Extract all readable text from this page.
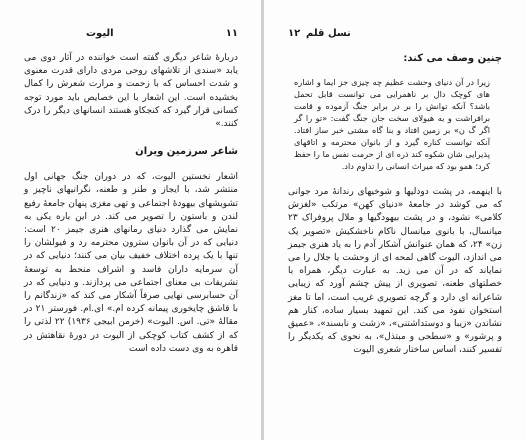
۱۱
الیوت

دربارهٔ شاعر دیگری گفته است خواننده در آثار دوی می یابد «سندی از تلاشهای روحی مردی دارای قدرت معنوی و شدت احساس که با زحمت و مرارت شعرش را کمال بخشیده است. این اشعار با این خصایص باید مورد توجه کسانی قرار گیرد که کنجکاو هستند انسانهای دیگر را درک کنند.»

شاعر سرزمین ویران

اشعار نخستین الیوت، که در دوران جنگ جهانی اول منتشر شد، با ایجاز و طنز و طعنه، نگرانیهای ناچیز و تشویشهای بیهودهٔ اجتماعی و تهی مغزی پنهان جامعهٔ رفیع لندن و باستون را تصویر می کند. در این باره یکی به نمایش می گذارد دنیای رمانهای هنری جیمز ۲۰ است: دنیایی که در آن بانوان سترون محترمه رد و فیولشان را تنها با یک پرده اختلاف خفیف بیان می کنند؛ دنیایی که در آن سرمایه داران فاسد و اشراف منحط به توسعهٔ تشریفات بی معنای اجتماعی می پردازند. و دنیایی که در آن حسابرسی نهایی صرفاً آشکار می کند که «زندگانم را با قاشق چایخوری پیمانه کرده ام.» ای.ام. فورستر ۲۱ در مقالهٔ «تی. اس. الیوت» (خرمن ابیجی ۱۹۳۶) ۲۲ لذتی را که از کشف کتاب کوچکی از الیوت در دورهٔ نقاهتش در قاهره به وی دست داده است

۱۲ نسل قلم

چنین وصف می کند:

زیرا در آن دنیای وحشت عظیم چه چیزی جز ایما و اشاره های کوچک دال بر ناهمرایی می توانست قابل تحمل باشد؟ آنکه توانش را بر در برابر جنگ آزموده و قامت برافراشت و به هیولای سخت جان جنگ گفت: «تو را گر اگر گ ن» بر زمین افتاد و بنا گاه مشتی خبر ساز افتاد. آنکه توانست کناره گیرد و از بانوان محترمه و اتاقهای پذیرایی شان شکوه کند ذره ای از حرمت نفس ما را حفظ کرد؛ همو بود که میراث انسانی را تداوم داد.

با اینهمه، در پشت دودلیها و شوخیهای رندانهٔ مرد جوانی که می کوشد در جامعهٔ «دنیای کهن» مرتکب «لغزش کلامی» نشود، و در پشت بیهودگیها و ملال پروفراک ۲۳ میانسال، با بانوی میانسال ناکام ناخشکیش «تصویر یک زن» ۲۴، که همان عنوانش آشکار آدم را به یاد هنری جیمز می اندازد، الیوت گاهی لمحه ای از وحشت یا جلال را می نمایاند که در آن می زید. به عبارت دیگر، همراه با خصلتهای طعنه، تصویری از پیش چشم آورد که زیبایی شاعرانه ای دارد و گرچه تصویری غریب است، اما تا مغز استخوان نفوذ می کند. این تمهید بسیار ساده، کنار هم نشاندن «زیبا و دوستداشتنی»، «زشت و نابسند»، «عمیق و پرشور» و «سطحی و مبتذل»، به نحوی که یکدیگر را تفسیر کنند، اساس ساختار شعری الیوت
